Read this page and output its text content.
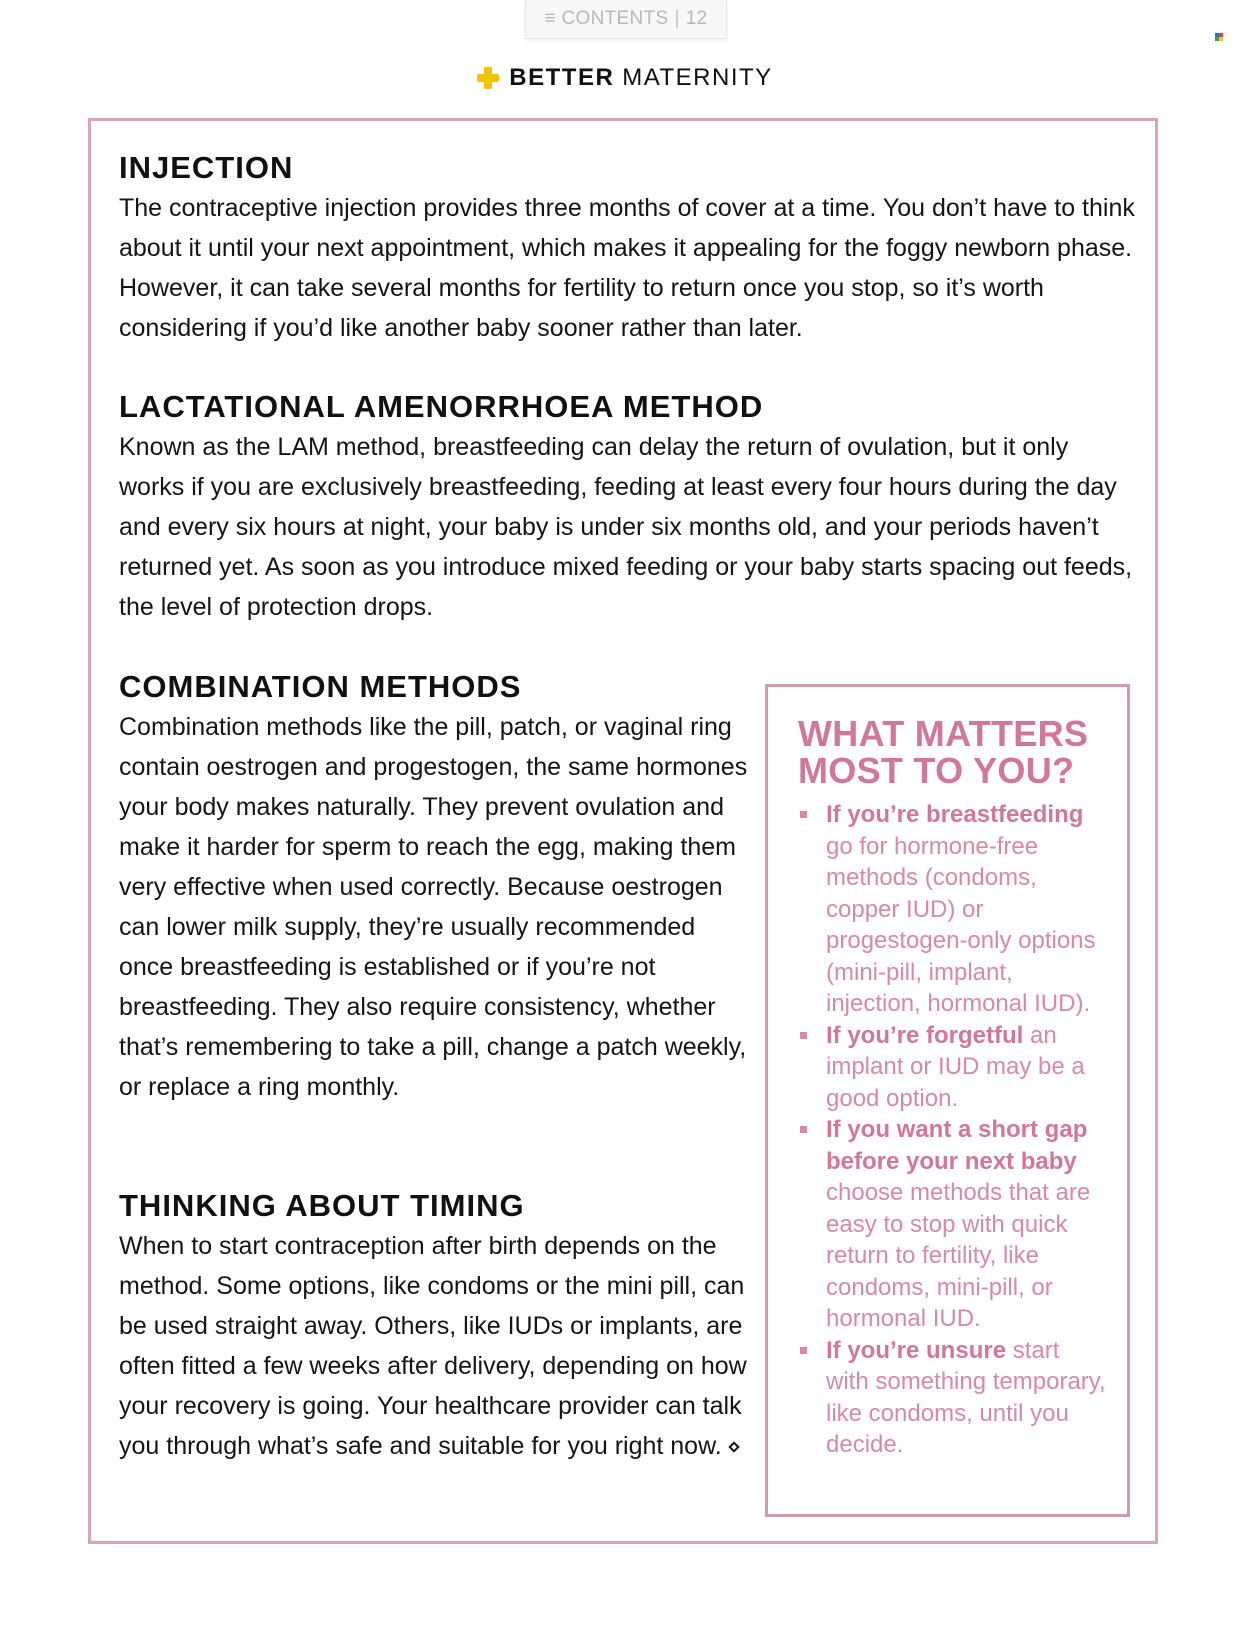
≡ CONTENTS | 12
BETTER MATERNITY
INJECTION

The contraceptive injection provides three months of cover at a time. You don’t have to think about it until your next appointment, which makes it appealing for the foggy newborn phase. However, it can take several months for fertility to return once you stop, so it’s worth considering if you’d like another baby sooner rather than later.

LACTATIONAL AMENORRHOEA METHOD

Known as the LAM method, breastfeeding can delay the return of ovulation, but it only works if you are exclusively breastfeeding, feeding at least every four hours during the day and every six hours at night, your baby is under six months old, and your periods haven’t returned yet. As soon as you introduce mixed feeding or your baby starts spacing out feeds, the level of protection drops.

COMBINATION METHODS

Combination methods like the pill, patch, or vaginal ring contain oestrogen and progestogen, the same hormones your body makes naturally. They prevent ovulation and make it harder for sperm to reach the egg, making them very effective when used correctly. Because oestrogen can lower milk supply, they’re usually recommended once breastfeeding is established or if you’re not breastfeeding. They also require consistency, whether that’s remembering to take a pill, change a patch weekly, or replace a ring monthly.

THINKING ABOUT TIMING

When to start contraception after birth depends on the method. Some options, like condoms or the mini pill, can be used straight away. Others, like IUDs or implants, are often fitted a few weeks after delivery, depending on how your recovery is going. Your healthcare provider can talk you through what’s safe and suitable for you right now.

WHAT MATTERS MOST TO YOU?
If you’re breastfeeding go for hormone-free methods (condoms, copper IUD) or progestogen-only options (mini-pill, implant, injection, hormonal IUD).
If you’re forgetful an implant or IUD may be a good option.
If you want a short gap before your next baby choose methods that are easy to stop with quick return to fertility, like condoms, mini-pill, or hormonal IUD.
If you’re unsure start with something temporary, like condoms, until you decide.
